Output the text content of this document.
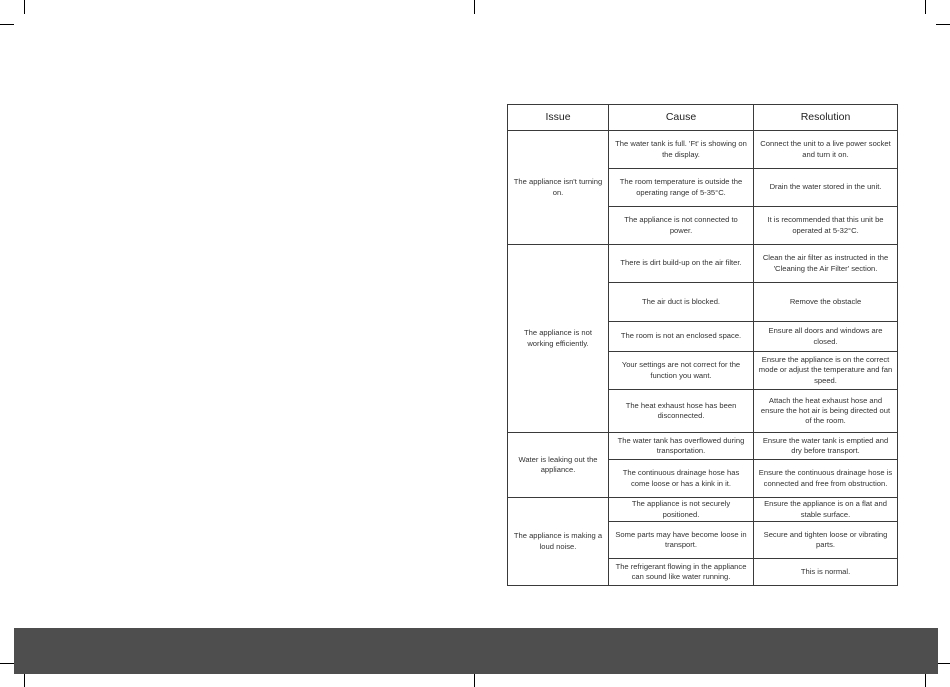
Issue	Cause	Resolution
The appliance isn't turning on.	The water tank is full. 'Ft' is showing on the display.	Connect the unit to a live power socket and turn it on.
	The room temperature is outside the operating range of 5-35°C.	Drain the water stored in the unit.
	The appliance is not connected to power.	It is recommended that this unit be operated at 5-32°C.
The appliance is not working efficiently.	There is dirt build-up on the air filter.	Clean the air filter as instructed in the 'Cleaning the Air Filter' section.
	The air duct is blocked.	Remove the obstacle
	The room is not an enclosed space.	Ensure all doors and windows are closed.
	Your settings are not correct for the function you want.	Ensure the appliance is on the correct mode or adjust the temperature and fan speed.
	The heat exhaust hose has been disconnected.	Attach the heat exhaust hose and ensure the hot air is being directed out of the room.
Water is leaking out the appliance.	The water tank has overflowed during transportation.	Ensure the water tank is emptied and dry before transport.
	The continuous drainage hose has come loose or has a kink in it.	Ensure the continuous drainage hose is connected and free from obstruction.
The appliance is making a loud noise.	The appliance is not securely positioned.	Ensure the appliance is on a flat and stable surface.
	Some parts may have become loose in transport.	Secure and tighten loose or vibrating parts.
	The refrigerant flowing in the appliance can sound like water running.	This is normal.
